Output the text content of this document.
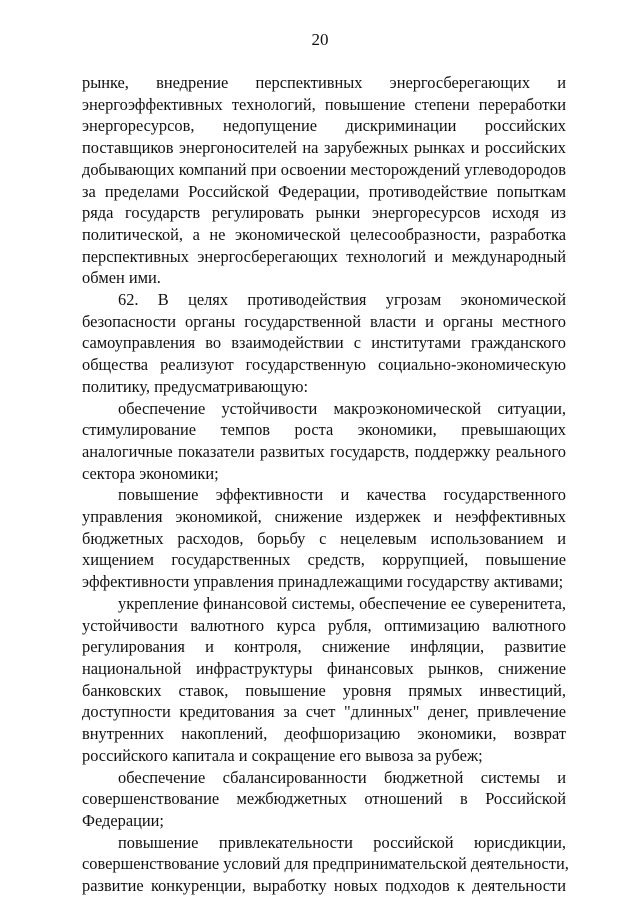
20
рынке, внедрение перспективных энергосберегающих и
энергоэффективных технологий, повышение степени переработки
энергоресурсов, недопущение дискриминации российских
поставщиков энергоносителей на зарубежных рынках и российских
добывающих компаний при освоении месторождений углеводородов
за пределами Российской Федерации, противодействие попыткам
ряда государств регулировать рынки энергоресурсов исходя из
политической, а не экономической целесообразности, разработка
перспективных энергосберегающих технологий и международный
обмен ими.
62. В целях противодействия угрозам экономической
безопасности органы государственной власти и органы местного
самоуправления во взаимодействии с институтами гражданского
общества реализуют государственную социально-экономическую
политику, предусматривающую:
обеспечение устойчивости макроэкономической ситуации,
стимулирование темпов роста экономики, превышающих
аналогичные показатели развитых государств, поддержку реального
сектора экономики;
повышение эффективности и качества государственного
управления экономикой, снижение издержек и неэффективных
бюджетных расходов, борьбу с нецелевым использованием и
хищением государственных средств, коррупцией, повышение
эффективности управления принадлежащими государству активами;
укрепление финансовой системы, обеспечение ее суверенитета,
устойчивости валютного курса рубля, оптимизацию валютного
регулирования и контроля, снижение инфляции, развитие
национальной инфраструктуры финансовых рынков, снижение
банковских ставок, повышение уровня прямых инвестиций,
доступности кредитования за счет "длинных" денег, привлечение
внутренних накоплений, деофшоризацию экономики, возврат
российского капитала и сокращение его вывоза за рубеж;
обеспечение сбалансированности бюджетной системы и
совершенствование межбюджетных отношений в Российской
Федерации;
повышение привлекательности российской юрисдикции,
совершенствование условий для предпринимательской деятельности,
развитие конкуренции, выработку новых подходов к деятельности
